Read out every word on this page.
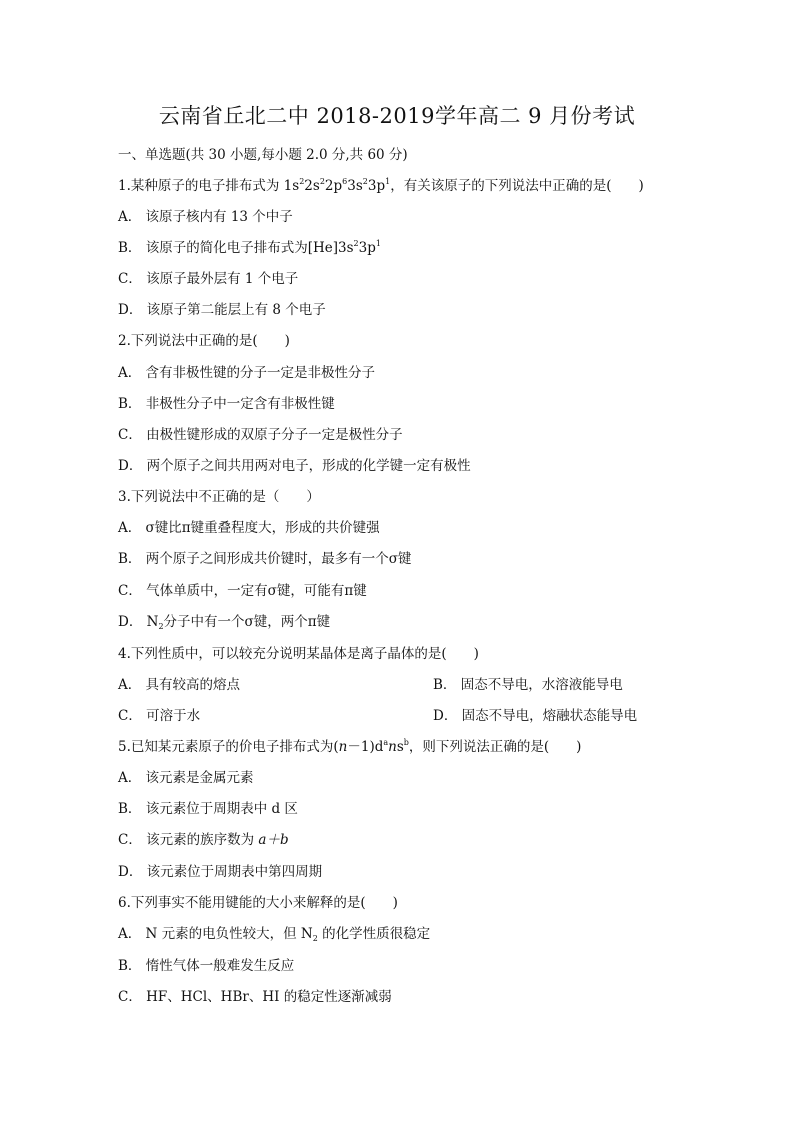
云南省丘北二中 2018-2019学年高二 9 月份考试
一、单选题(共 30 小题,每小题 2.0 分,共 60 分)
1.某种原子的电子排布式为 $1s^22s^22p^63s^23p^1$，有关该原子的下列说法中正确的是(　　)
A． 该原子核内有 13 个中子
B． 该原子的简化电子排布式为$[He]3s^23p^1$
C． 该原子最外层有 1 个电子
D． 该原子第二能层上有 8 个电子
2.下列说法中正确的是(　　)
A． 含有非极性键的分子一定是非极性分子
B． 非极性分子中一定含有非极性键
C． 由极性键形成的双原子分子一定是极性分子
D． 两个原子之间共用两对电子，形成的化学键一定有极性
3.下列说法中不正确的是（　　）
A． σ键比π键重叠程度大，形成的共价键强
B． 两个原子之间形成共价键时，最多有一个σ键
C． 气体单质中，一定有σ键，可能有π键
D． $N_2$分子中有一个σ键，两个π键
4.下列性质中，可以较充分说明某晶体是离子晶体的是(　　)
A． 具有较高的熔点	B． 固态不导电，水溶液能导电
C． 可溶于水	D． 固态不导电，熔融状态能导电
5.已知某元素原子的价电子排布式为$(n-1)d^ans^b$，则下列说法正确的是(　　)
A． 该元素是金属元素
B． 该元素位于周期表中 d 区
C． 该元素的族序数为 a＋b
D． 该元素位于周期表中第四周期
6.下列事实不能用键能的大小来解释的是(　　)
A． N 元素的电负性较大，但 $N_2$ 的化学性质很稳定
B． 惰性气体一般难发生反应
C． HF、HCl、HBr、HI 的稳定性逐渐减弱
